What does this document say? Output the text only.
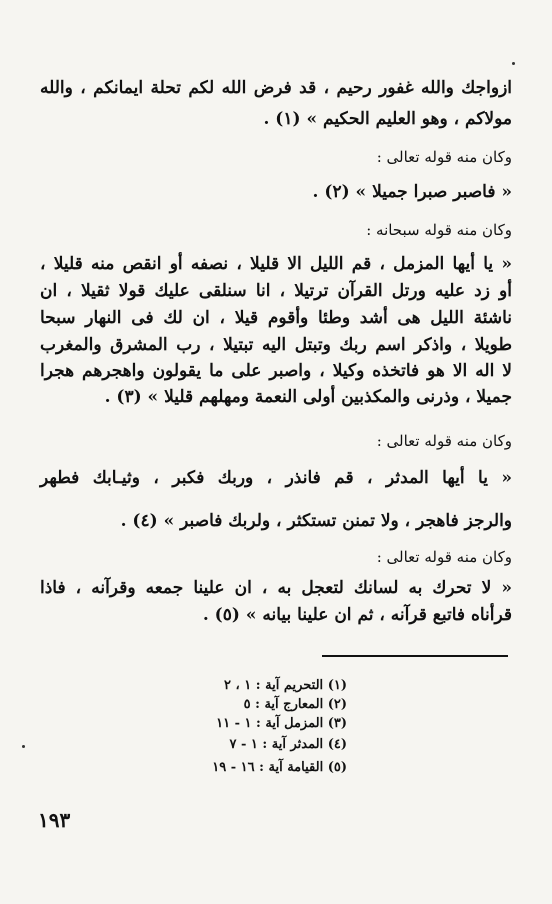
ازواجك والله غفور رحيم ، قد فرض الله لكم تحلة ايمانكم ، والله
مولاكم ، وهو العليم الحكيم » (١) .
وكان منه قوله تعالى :
« فاصبر صبرا جميلا » (٢) .
وكان منه قوله سبحانه :
« يا أيها المزمل ، قم الليل الا قليلا ، نصفه أو انقص منه قليلا ،
أو زد عليه ورتل القرآن ترتيلا ، انا سنلقى عليك قولا ثقيلا ، ان
ناشئة الليل هى أشد وطئا وأقوم قيلا ، ان لك فى النهار سبحا
طويلا ، واذكر اسم ربك وتبتل اليه تبتيلا ، رب المشرق والمغرب
لا اله الا هو فاتخذه وكيلا ، واصبر على ما يقولون واهجرهم هجرا
جميلا ، وذرنى والمكذبين أولى النعمة ومهلهم قليلا » (٣) .
وكان منه قوله تعالى :
« يا أيها المدثر ، قم فانذر ، وربك فكبر ، وثيـابك فطهر
والرجز فاهجر ، ولا تمنن تستكثر ، ولربك فاصبر » (٤) .
وكان منه قوله تعالى :
« لا تحرك به لسانك لتعجل به ، ان علينا جمعه وقرآنه ، فاذا
قرأناه فاتبع قرآنه ، ثم ان علينا بيانه » (٥) .
(١) التحريم آية : ١ ، ٢
(٢) المعارج آية : ٥
(٣) المزمل آية : ١ - ١١
(٤) المدثر آية : ١ - ٧
(٥) القيامة آية : ١٦ - ١٩
١٩٣
